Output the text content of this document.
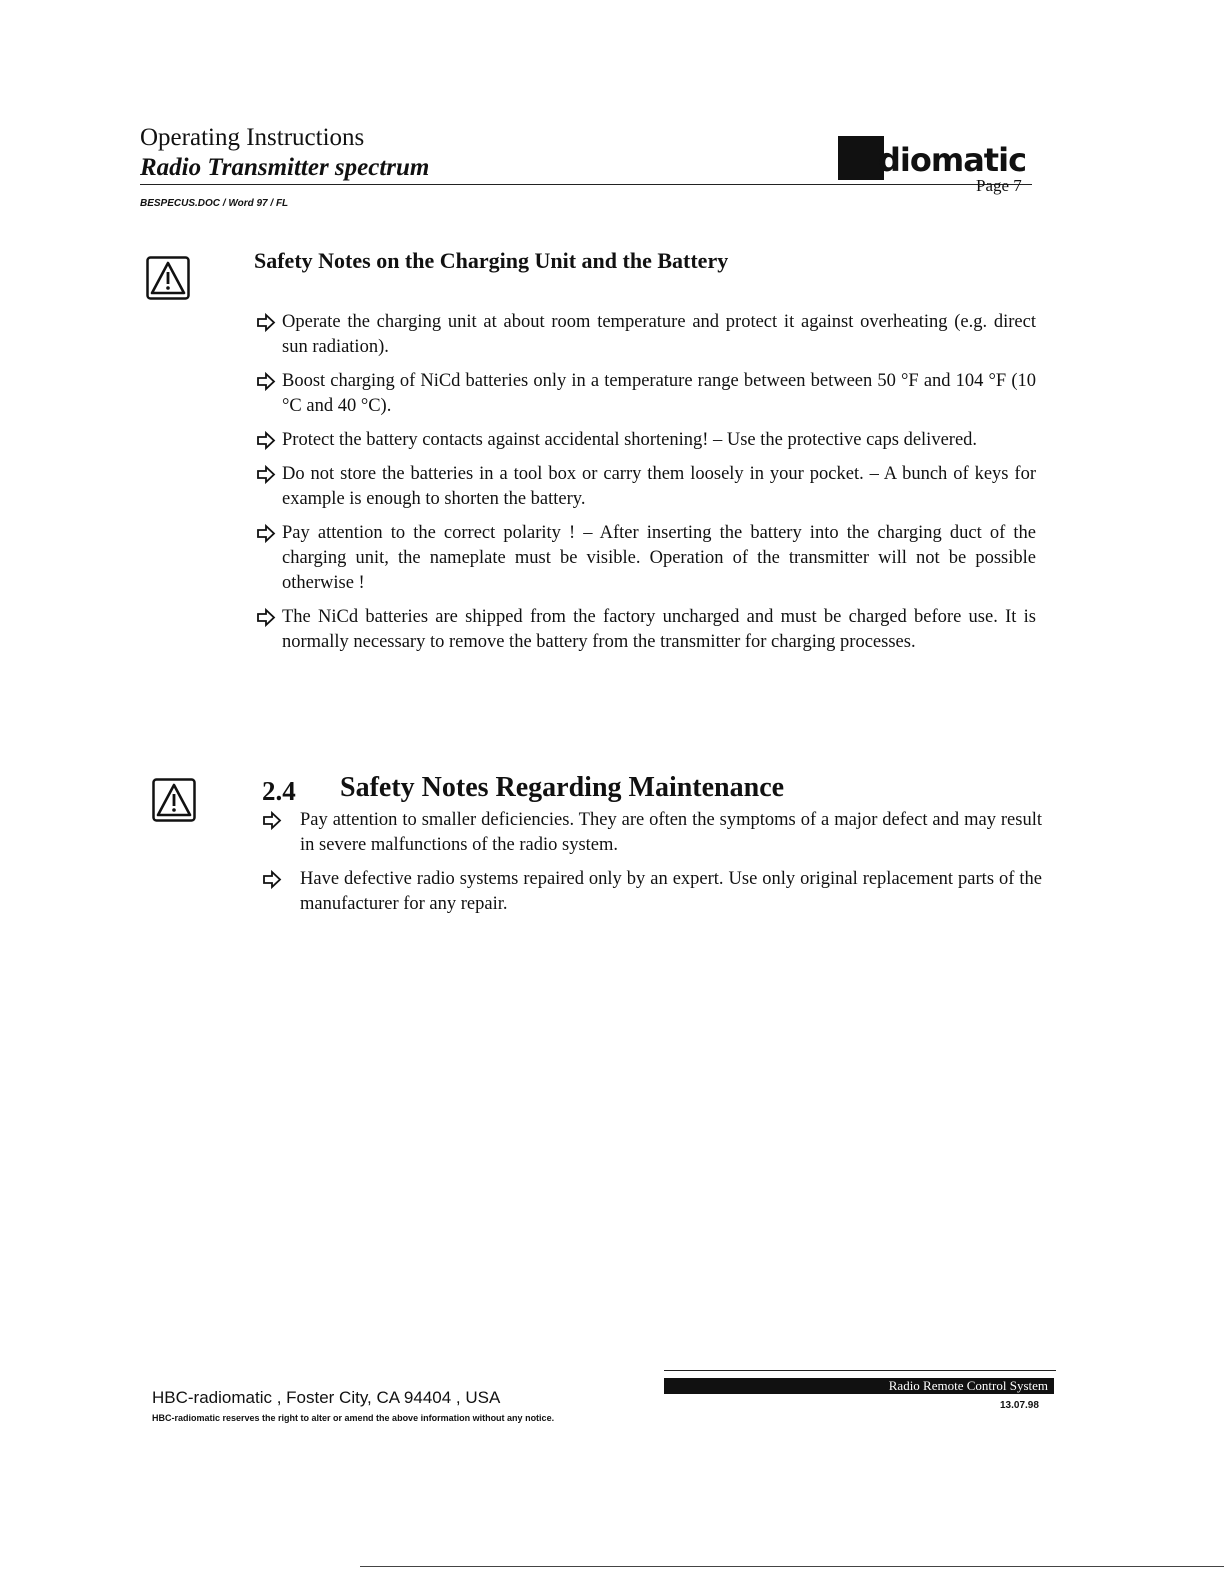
Operating Instructions
Radio Transmitter spectrum	diomatic
Page 7
BESPECUS.DOC / Word 97 / FL
Safety Notes on the Charging Unit and the Battery
Operate the charging unit at about room temperature and protect it against overheating (e.g. direct sun radiation).
Boost charging of NiCd batteries only in a temperature range between between 50 °F and 104 °F (10 °C and 40 °C).
Protect the battery contacts against accidental shortening! – Use the protective caps delivered.
Do not store the batteries in a tool box or carry them loosely in your pocket. – A bunch of keys for example is enough to shorten the battery.
Pay attention to the correct polarity ! – After inserting the battery into the charging duct of the charging unit, the nameplate must be visible. Operation of the transmitter will not be possible otherwise !
The NiCd batteries are shipped from the factory uncharged and must be charged before use. It is normally necessary to remove the battery from the transmitter for charging processes.
2.4 Safety Notes Regarding Maintenance
Pay attention to smaller deficiencies. They are often the symptoms of a major defect and may result in severe malfunctions of the radio system.
Have defective radio systems repaired only by an expert. Use only original replacement parts of the manufacturer for any repair.
HBC-radiomatic , Foster City, CA 94404 , USA
HBC-radiomatic reserves the right to alter or amend the above information without any notice.
Radio Remote Control System
13.07.98
